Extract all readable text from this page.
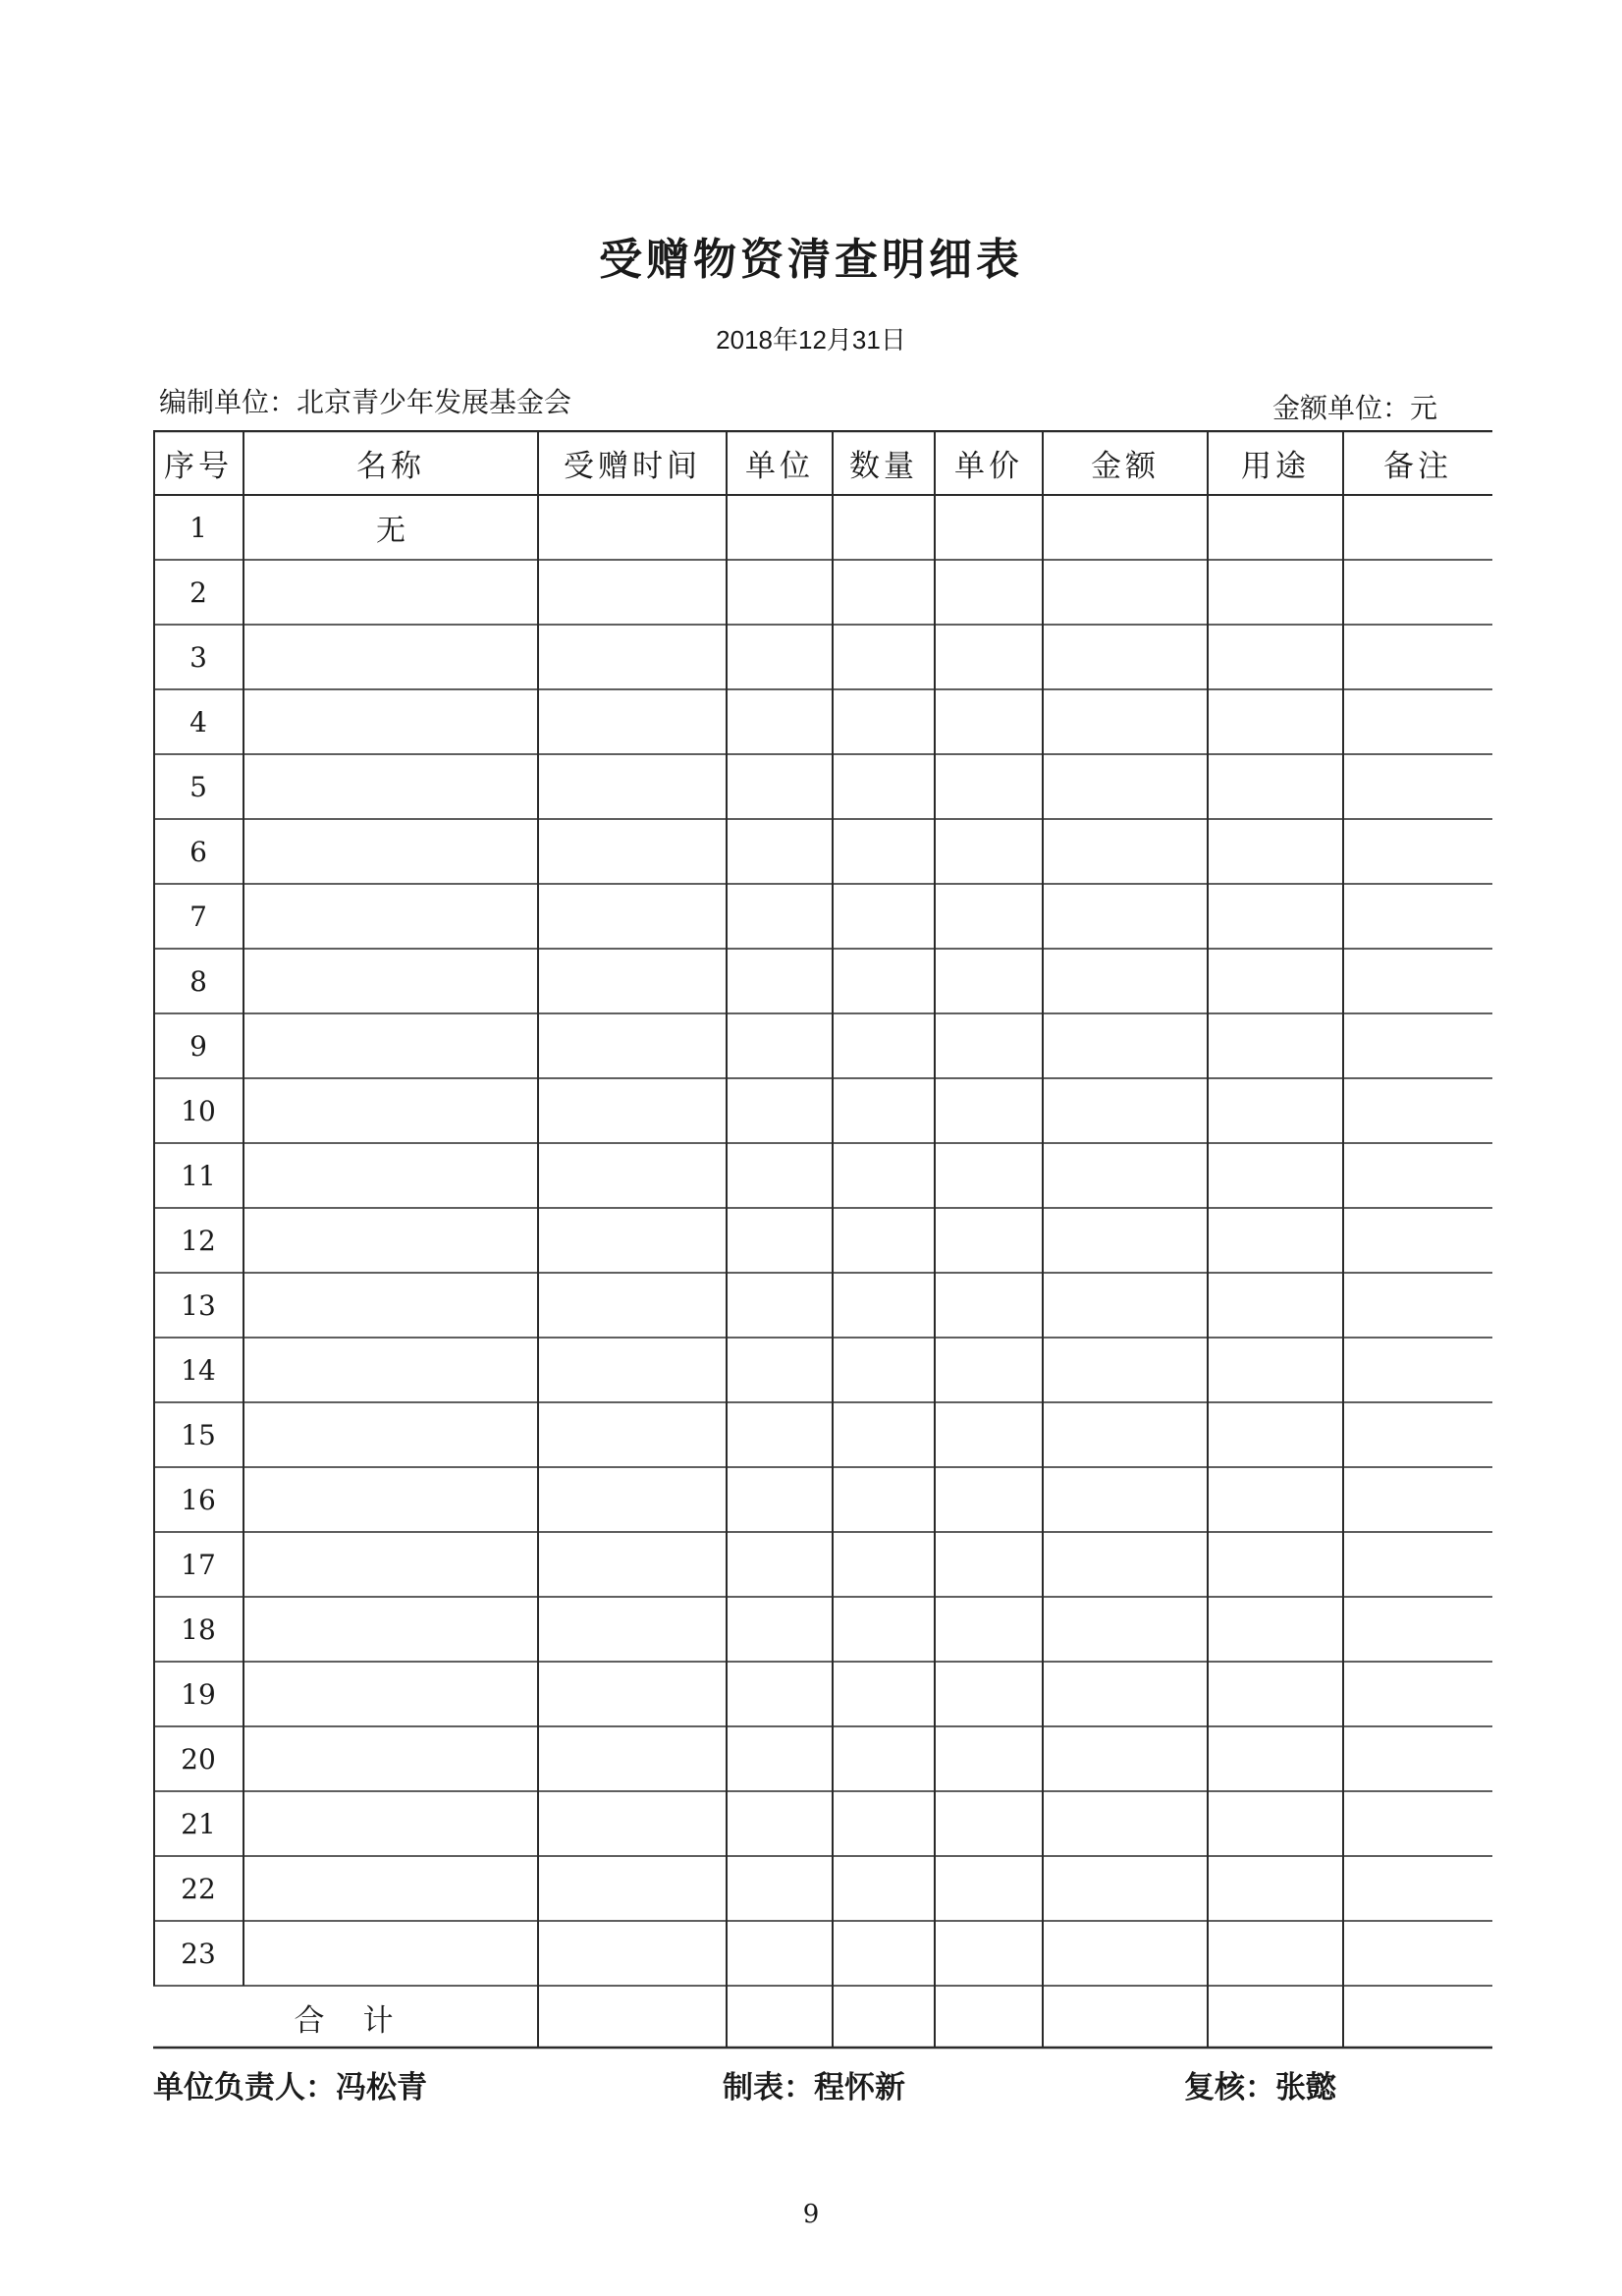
受赠物资清查明细表
2018年12月31日
编制单位：北京青少年发展基金会	金额单位：元
序号	名称	受赠时间	单位	数量	单价	金额	用途	备注
1	无
2
3
4
5
6
7
8
9
10
11
12
13
14
15
16
17
18
19
20
21
22
23
合　计
单位负责人：冯松青	制表：程怀新	复核：张懿
9
